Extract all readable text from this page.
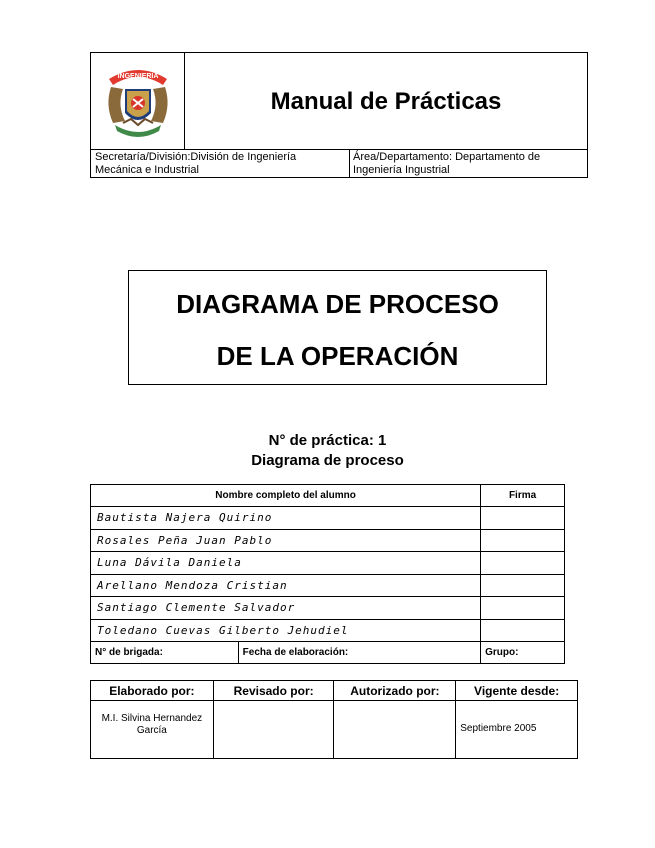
INGENIERIA
Manual de Prácticas
Secretaría/División:División de Ingeniería Mecánica e Industrial
Área/Departamento: Departamento de Ingeniería Ingustrial
DIAGRAMA DE PROCESO
DE LA OPERACIÓN
N° de práctica: 1
Diagrama de proceso
Nombre completo del alumno		Firma
Bautista Najera Quirino		
Rosales Peña Juan Pablo		
Luna Dávila Daniela		
Arellano Mendoza Cristian		
Santiago Clemente Salvador		
Toledano Cuevas Gilberto Jehudiel		
N° de brigada:	Fecha de elaboración:	Grupo:
Elaborado por:	Revisado por:	Autorizado por:	Vigente desde:
M.I. Silvina Hernandez García			Septiembre 2005
